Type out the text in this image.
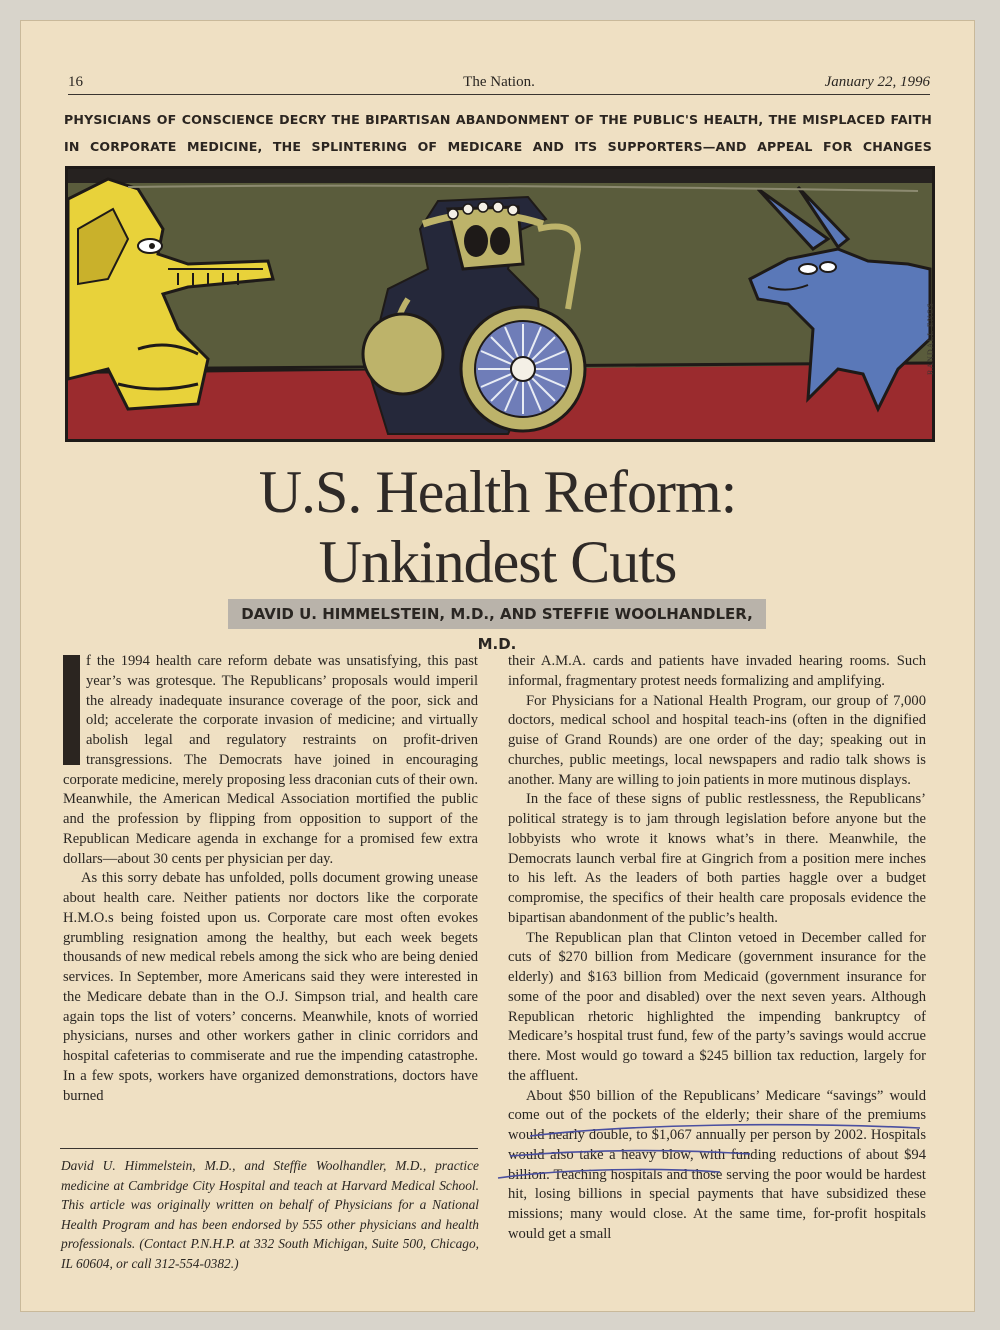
16	The Nation.	January 22, 1996
PHYSICIANS OF CONSCIENCE DECRY THE BIPARTISAN ABANDONMENT OF THE PUBLIC'S HEALTH, THE MISPLACED FAITH IN CORPORATE MEDICINE, THE SPLINTERING OF MEDICARE AND ITS SUPPORTERS—AND APPEAL FOR CHANGES
RANDALL ENOS
U.S. Health Reform:
Unkindest Cuts
DAVID U. HIMMELSTEIN, M.D., AND STEFFIE WOOLHANDLER, M.D.

f the 1994 health care reform debate was unsatisfying, this past year’s was grotesque. The Republicans’ proposals would imperil the already inadequate insurance coverage of the poor, sick and old; accelerate the corporate invasion of medicine; and virtually abolish legal and regulatory restraints on profit-driven transgressions. The Democrats have joined in encouraging corporate medicine, merely proposing less draconian cuts of their own. Meanwhile, the American Medical Association mortified the public and the profession by flipping from opposition to support of the Republican Medicare agenda in exchange for a promised few extra dollars—about 30 cents per physician per day.

As this sorry debate has unfolded, polls document growing unease about health care. Neither patients nor doctors like the corporate H.M.O.s being foisted upon us. Corporate care most often evokes grumbling resignation among the healthy, but each week begets thousands of new medical rebels among the sick who are being denied services. In September, more Americans said they were interested in the Medicare debate than in the O.J. Simpson trial, and health care again tops the list of voters’ concerns. Meanwhile, knots of worried physicians, nurses and other workers gather in clinic corridors and hospital cafeterias to commiserate and rue the impending catastrophe. In a few spots, workers have organized demonstrations, doctors have burned

David U. Himmelstein, M.D., and Steffie Woolhandler, M.D., practice medicine at Cambridge City Hospital and teach at Harvard Medical School. This article was originally written on behalf of Physicians for a National Health Program and has been endorsed by 555 other physicians and health professionals. (Contact P.N.H.P. at 332 South Michigan, Suite 500, Chicago, IL 60604, or call 312-554-0382.)

their A.M.A. cards and patients have invaded hearing rooms. Such informal, fragmentary protest needs formalizing and amplifying.

For Physicians for a National Health Program, our group of 7,000 doctors, medical school and hospital teach-ins (often in the dignified guise of Grand Rounds) are one order of the day; speaking out in churches, public meetings, local newspapers and radio talk shows is another. Many are willing to join patients in more mutinous displays.

In the face of these signs of public restlessness, the Republicans’ political strategy is to jam through legislation before anyone but the lobbyists who wrote it knows what’s in there. Meanwhile, the Democrats launch verbal fire at Gingrich from a position mere inches to his left. As the leaders of both parties haggle over a budget compromise, the specifics of their health care proposals evidence the bipartisan abandonment of the public’s health.

The Republican plan that Clinton vetoed in December called for cuts of $270 billion from Medicare (government insurance for the elderly) and $163 billion from Medicaid (government insurance for some of the poor and disabled) over the next seven years. Although Republican rhetoric highlighted the impending bankruptcy of Medicare’s hospital trust fund, few of the party’s savings would accrue there. Most would go toward a $245 billion tax reduction, largely for the affluent.

About $50 billion of the Republicans’ Medicare “savings” would come out of the pockets of the elderly; their share of the premiums would nearly double, to $1,067 annually per person by 2002. Hospitals would also take a heavy blow, with funding reductions of about $94 billion. Teaching hospitals and those serving the poor would be hardest hit, losing billions in special payments that have subsidized these missions; many would close. At the same time, for-profit hospitals would get a small
